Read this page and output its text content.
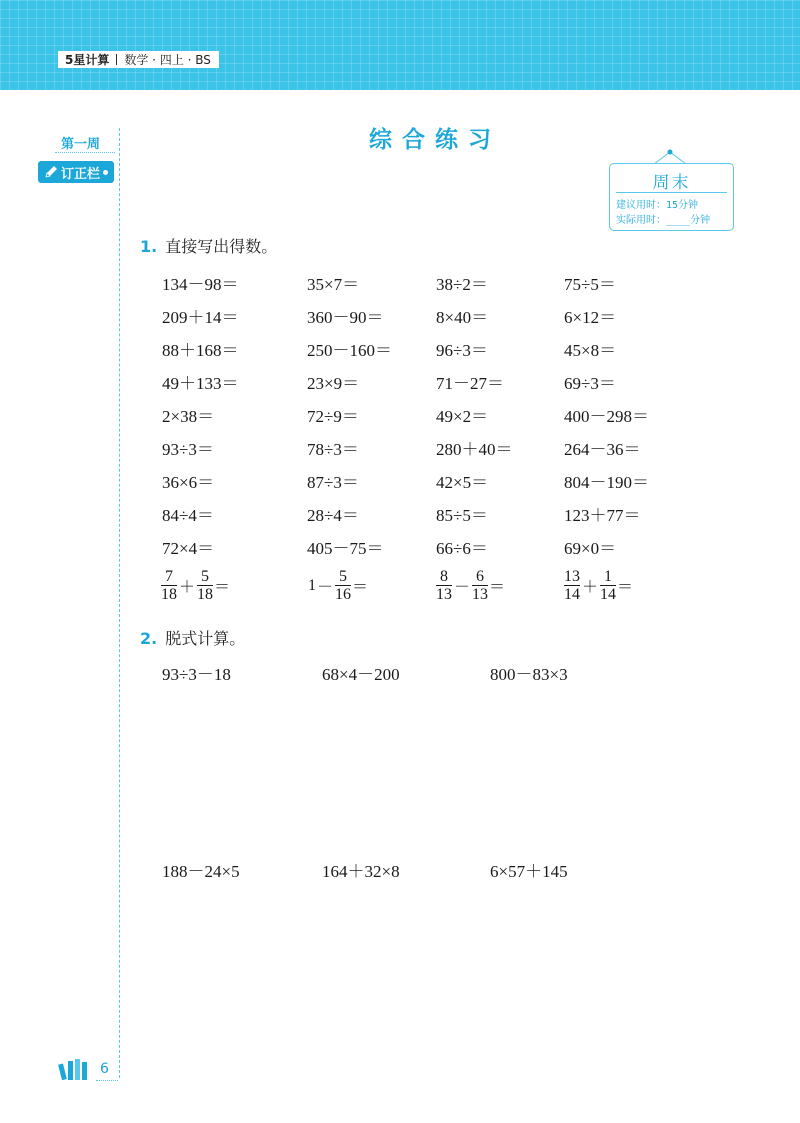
5星计算 数学 · 四上 · BS
第一周
订正栏
综合练习
周末
建议用时：15分钟
实际用时：____分钟
1. 直接写出得数。
134－98＝	35×7＝	38÷2＝	75÷5＝
209＋14＝	360－90＝	8×40＝	6×12＝
88＋168＝	250－160＝	96÷3＝	45×8＝
49＋133＝	23×9＝	71－27＝	69÷3＝
2×38＝	72÷9＝	49×2＝	400－298＝
93÷3＝	78÷3＝	280＋40＝	264－36＝
36×6＝	87÷3＝	42×5＝	804－190＝
84÷4＝	28÷4＝	85÷5＝	123＋77＝
72×4＝	405－75＝	66÷6＝	69×0＝
$\frac{7}{18} + \frac{5}{18}$ ＝	$1 - \frac{5}{16}$ ＝	$\frac{8}{13} - \frac{6}{13}$ ＝	$\frac{13}{14} + \frac{1}{14}$ ＝
2. 脱式计算。
93÷3－18	68×4－200	800－83×3
188－24×5	164＋32×8	6×57＋145
6
